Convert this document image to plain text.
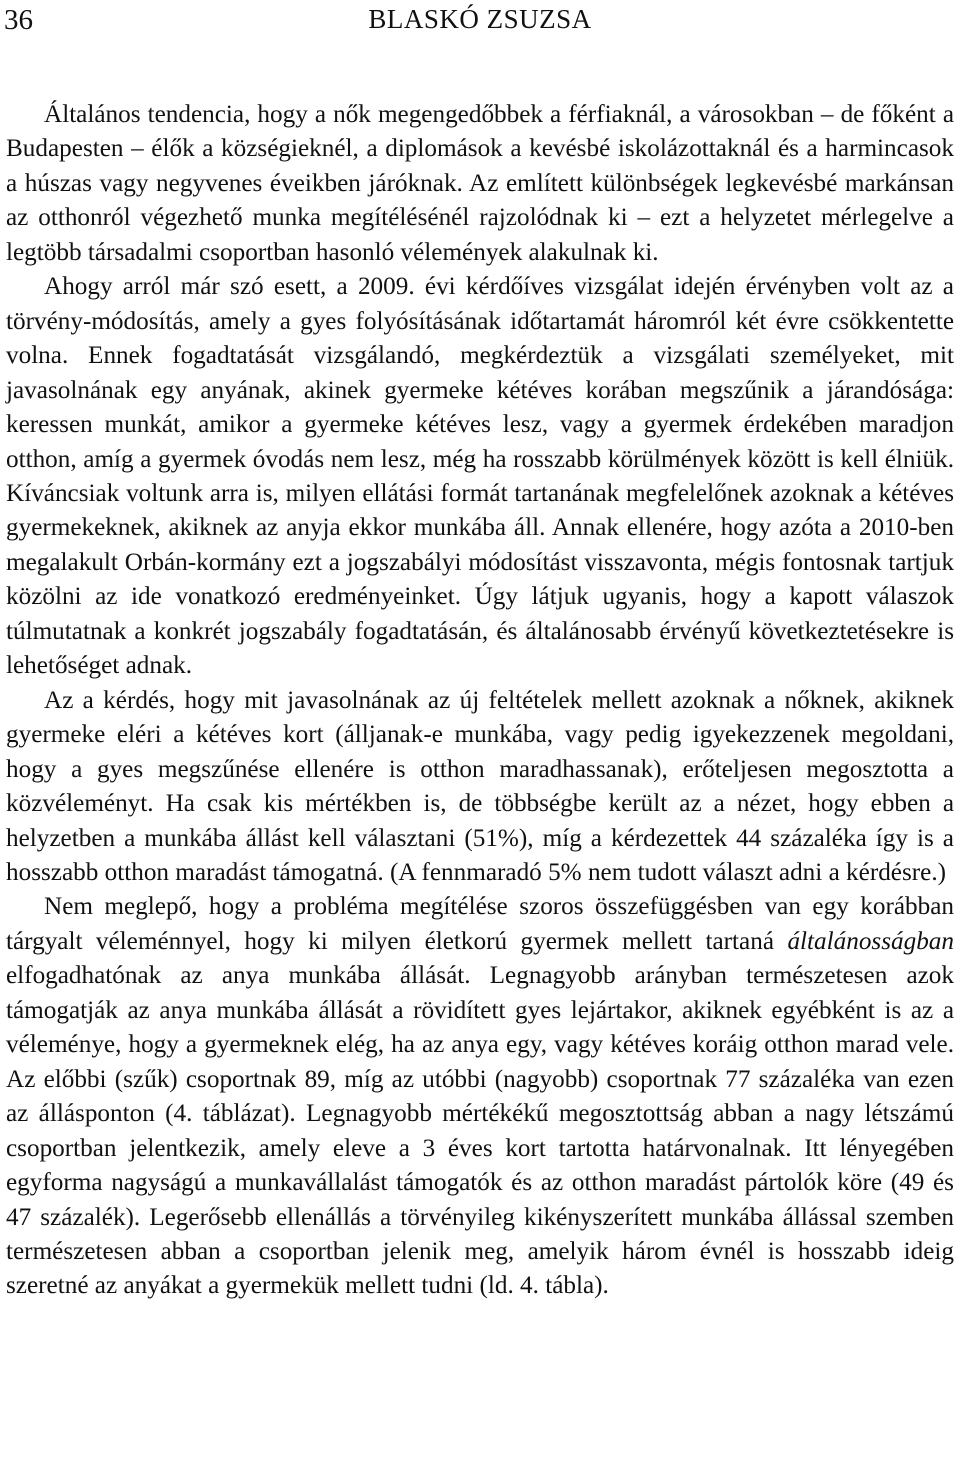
36	BLASKÓ ZSUZSA

Általános tendencia, hogy a nők megengedőbbek a férfiaknál, a városokban – de főként a Budapesten – élők a községieknél, a diplomások a kevésbé iskolázottaknál és a harmincasok a húszas vagy negyvenes éveikben járóknak. Az említett különbségek legkevésbé markánsan az otthonról végezhető munka megítélésénél rajzolódnak ki – ezt a helyzetet mérlegelve a legtöbb társadalmi csoportban hasonló vélemények alakulnak ki.

Ahogy arról már szó esett, a 2009. évi kérdőíves vizsgálat idején érvényben volt az a törvény-módosítás, amely a gyes folyósításának időtartamát háromról két évre csökkentette volna. Ennek fogadtatását vizsgálandó, megkérdeztük a vizsgálati személyeket, mit javasolnának egy anyának, akinek gyermeke kétéves korában megszűnik a járandósága: keressen munkát, amikor a gyermeke kétéves lesz, vagy a gyermek érdekében maradjon otthon, amíg a gyermek óvodás nem lesz, még ha rosszabb körülmények között is kell élniük. Kíváncsiak voltunk arra is, milyen ellátási formát tartanának megfelelőnek azoknak a kétéves gyermekeknek, akiknek az anyja ekkor munkába áll. Annak ellenére, hogy azóta a 2010-ben megalakult Orbán-kormány ezt a jogszabályi módosítást visszavonta, mégis fontosnak tartjuk közölni az ide vonatkozó eredményeinket. Úgy látjuk ugyanis, hogy a kapott válaszok túlmutatnak a konkrét jogszabály fogadtatásán, és általánosabb érvényű következtetésekre is lehetőséget adnak.

Az a kérdés, hogy mit javasolnának az új feltételek mellett azoknak a nőknek, akiknek gyermeke eléri a kétéves kort (álljanak-e munkába, vagy pedig igyekezzenek megoldani, hogy a gyes megszűnése ellenére is otthon maradhassanak), erőteljesen megosztotta a közvéleményt. Ha csak kis mértékben is, de többségbe került az a nézet, hogy ebben a helyzetben a munkába állást kell választani (51%), míg a kérdezettek 44 százaléka így is a hosszabb otthon maradást támogatná. (A fennmaradó 5% nem tudott választ adni a kérdésre.)

Nem meglepő, hogy a probléma megítélése szoros összefüggésben van egy korábban tárgyalt véleménnyel, hogy ki milyen életkorú gyermek mellett tartaná általánosságban elfogadhatónak az anya munkába állását. Legnagyobb arányban természetesen azok támogatják az anya munkába állását a rövidített gyes lejártakor, akiknek egyébként is az a véleménye, hogy a gyermeknek elég, ha az anya egy, vagy kétéves koráig otthon marad vele. Az előbbi (szűk) csoportnak 89, míg az utóbbi (nagyobb) csoportnak 77 százaléka van ezen az állásponton (4. táblázat). Legnagyobb mértékékű megosztottság abban a nagy létszámú csoportban jelentkezik, amely eleve a 3 éves kort tartotta határvonalnak. Itt lényegében egyforma nagyságú a munkavállalást támogatók és az otthon maradást pártolók köre (49 és 47 százalék). Legerősebb ellenállás a törvényileg kikényszerített munkába állással szemben természetesen abban a csoportban jelenik meg, amelyik három évnél is hosszabb ideig szeretné az anyákat a gyermekük mellett tudni (ld. 4. tábla).
